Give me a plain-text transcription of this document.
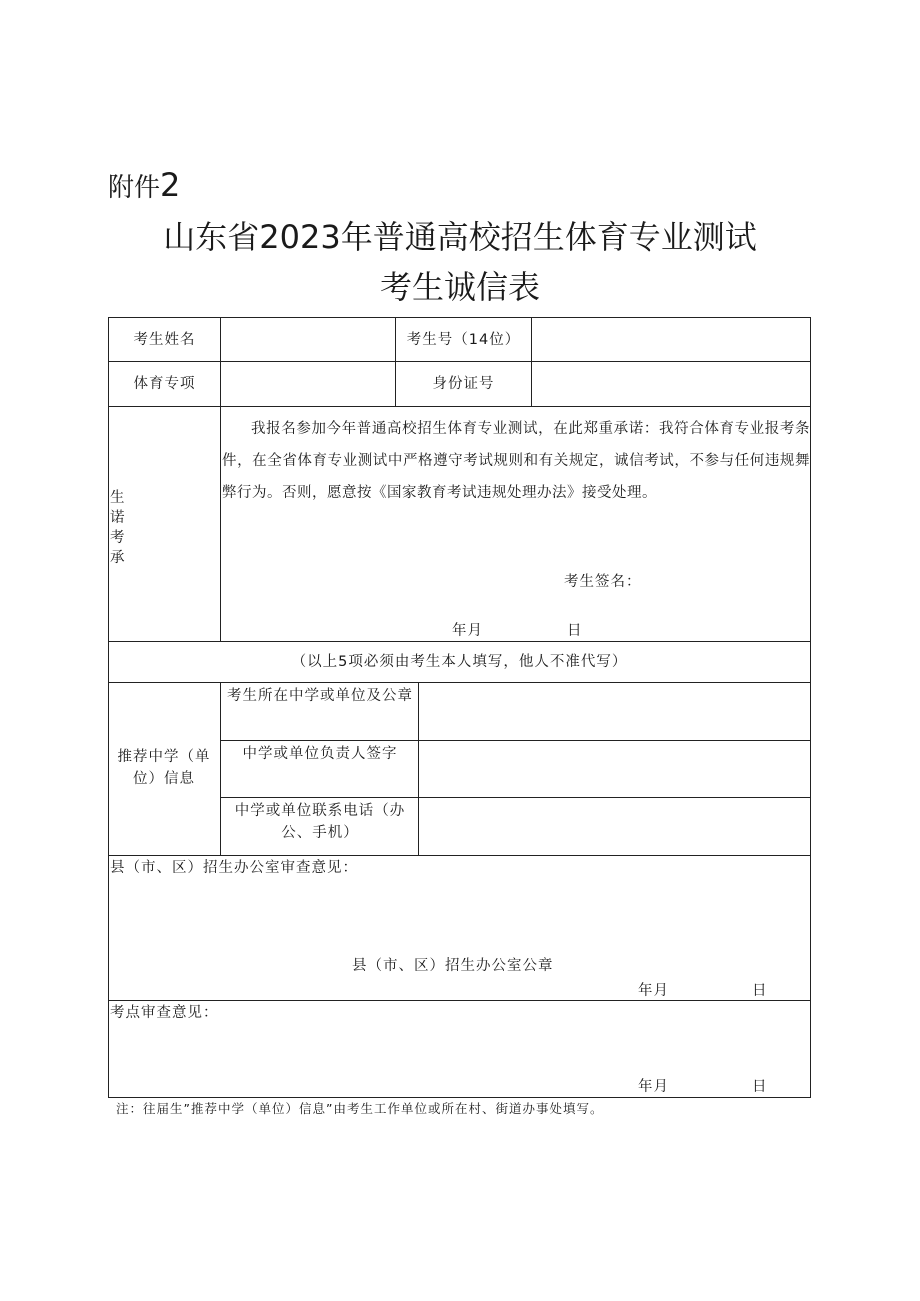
附件2
山东省2023年普通高校招生体育专业测试
考生诚信表
考生姓名	考生号（14位）
体育专项	身份证号
生
诺
考
承
我报名参加今年普通高校招生体育专业测试，在此郑重承诺：我符合体育专业报考条件，在全省体育专业测试中严格遵守考试规则和有关规定，诚信考试，不参与任何违规舞弊行为。否则，愿意按《国家教育考试违规处理办法》接受处理。
考生签名：
年月	日
（以上5项必须由考生本人填写，他人不准代写）
推荐中学（单位）信息
考生所在中学或单位及公章
中学或单位负责人签字
中学或单位联系电话（办公、手机）
县（市、区）招生办公室审查意见：
县（市、区）招生办公室公章
年月	日
考点审查意见：
年月	日
注：往届生”推荐中学（单位）信息”由考生工作单位或所在村、街道办事处填写。
